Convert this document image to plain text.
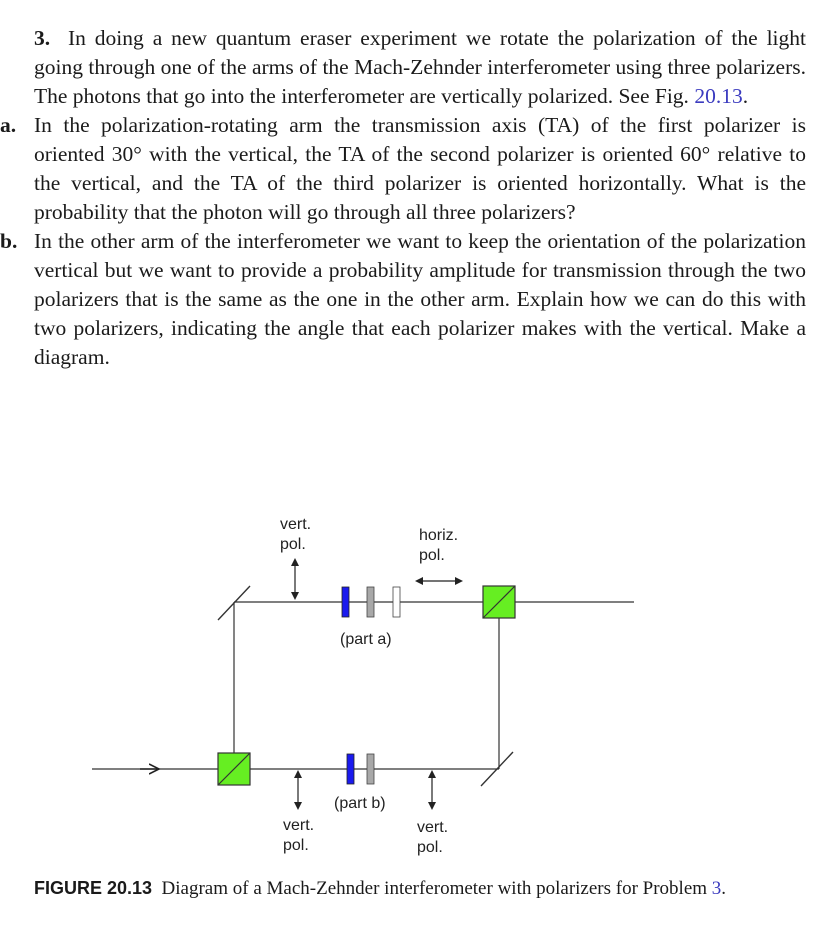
3. In doing a new quantum eraser experiment we rotate the polarization of the light going through one of the arms of the Mach-Zehnder interferometer using three polarizers. The photons that go into the interferometer are vertically polarized. See Fig. 20.13.

a. In the polarization-rotating arm the transmission axis (TA) of the first polarizer is oriented 30° with the vertical, the TA of the second polarizer is oriented 60° relative to the vertical, and the TA of the third polarizer is oriented horizontally. What is the probability that the photon will go through all three polarizers?

b. In the other arm of the interferometer we want to keep the orientation of the polarization vertical but we want to provide a probability amplitude for transmission through the two polarizers that is the same as the one in the other arm. Explain how we can do this with two polarizers, indicating the angle that each polarizer makes with the vertical. Make a diagram.

vert.
pol.
horiz.
pol.
(part a)
(part b)
vert.
pol.
vert.
pol.

FIGURE 20.13 Diagram of a Mach-Zehnder interferometer with polarizers for Problem 3.
